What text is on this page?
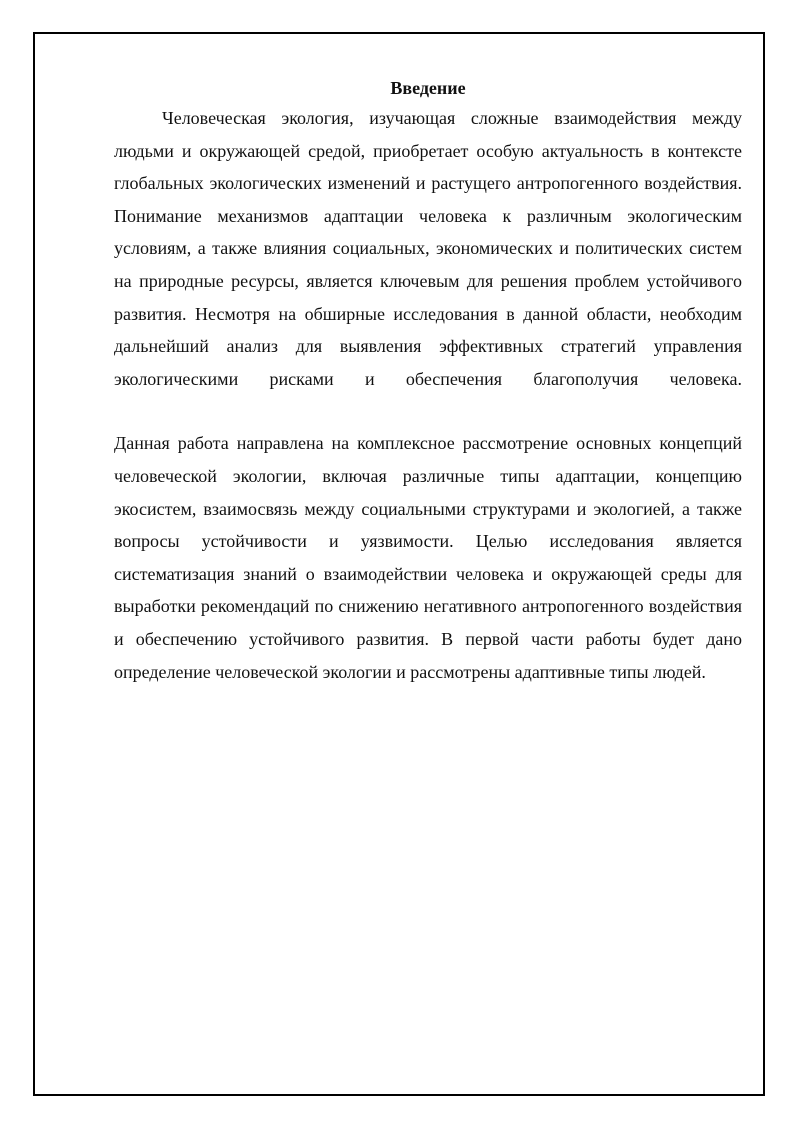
Введение

Человеческая экология, изучающая сложные взаимодействия между людьми и окружающей средой, приобретает особую актуальность в контексте глобальных экологических изменений и растущего антропогенного воздействия. Понимание механизмов адаптации человека к различным экологическим условиям, а также влияния социальных, экономических и политических систем на природные ресурсы, является ключевым для решения проблем устойчивого развития. Несмотря на обширные исследования в данной области, необходим дальнейший анализ для выявления эффективных стратегий управления экологическими рисками и обеспечения благополучия человека.

Данная работа направлена на комплексное рассмотрение основных концепций человеческой экологии, включая различные типы адаптации, концепцию экосистем, взаимосвязь между социальными структурами и экологией, а также вопросы устойчивости и уязвимости. Целью исследования является систематизация знаний о взаимодействии человека и окружающей среды для выработки рекомендаций по снижению негативного антропогенного воздействия и обеспечению устойчивого развития. В первой части работы будет дано определение человеческой экологии и рассмотрены адаптивные типы людей.
